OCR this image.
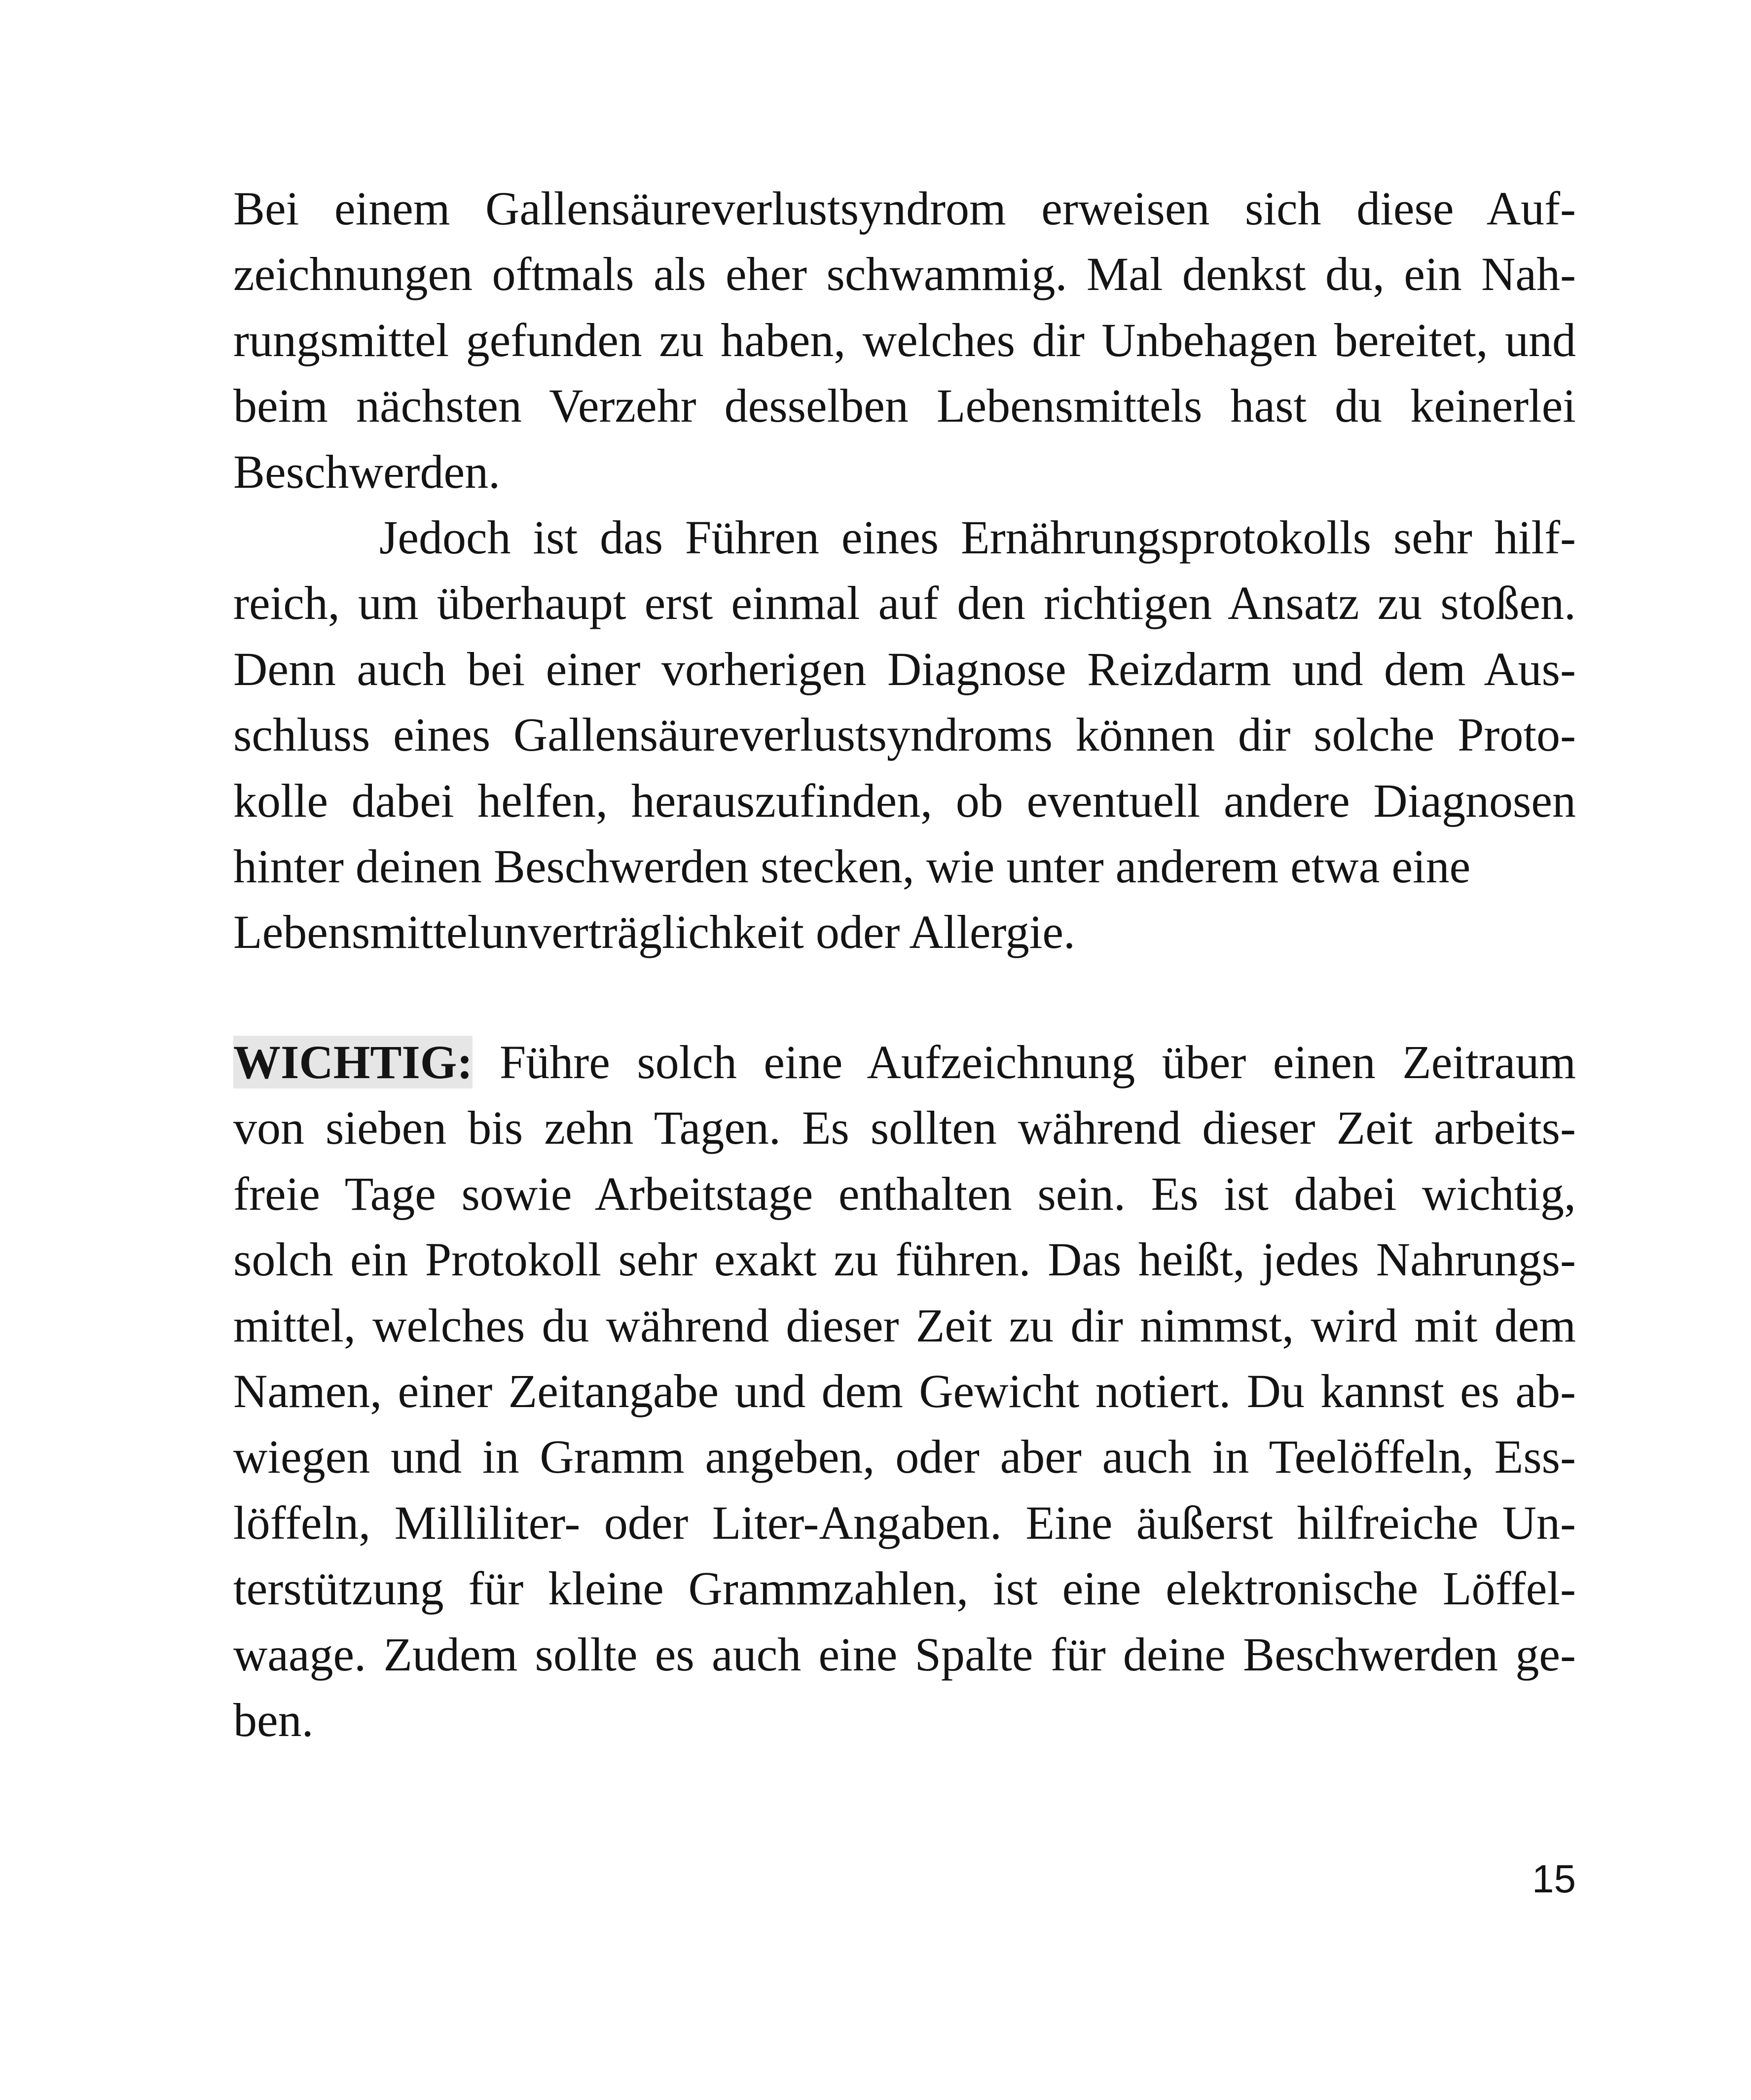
Bei einem Gallensäureverlustsyndrom erweisen sich diese Auf-
zeichnungen oftmals als eher schwammig. Mal denkst du, ein Nah-
rungsmittel gefunden zu haben, welches dir Unbehagen bereitet, und
beim nächsten Verzehr desselben Lebensmittels hast du keinerlei
Beschwerden.
Jedoch ist das Führen eines Ernährungsprotokolls sehr hilf-
reich, um überhaupt erst einmal auf den richtigen Ansatz zu stoßen.
Denn auch bei einer vorherigen Diagnose Reizdarm und dem Aus-
schluss eines Gallensäureverlustsyndroms können dir solche Proto-
kolle dabei helfen, herauszufinden, ob eventuell andere Diagnosen
hinter deinen Beschwerden stecken, wie unter anderem etwa eine
Lebensmittelunverträglichkeit oder Allergie.
WICHTIG: Führe solch eine Aufzeichnung über einen Zeitraum
von sieben bis zehn Tagen. Es sollten während dieser Zeit arbeits-
freie Tage sowie Arbeitstage enthalten sein. Es ist dabei wichtig,
solch ein Protokoll sehr exakt zu führen. Das heißt, jedes Nahrungs-
mittel, welches du während dieser Zeit zu dir nimmst, wird mit dem
Namen, einer Zeitangabe und dem Gewicht notiert. Du kannst es ab-
wiegen und in Gramm angeben, oder aber auch in Teelöffeln, Ess-
löffeln, Milliliter- oder Liter-Angaben. Eine äußerst hilfreiche Un-
terstützung für kleine Grammzahlen, ist eine elektronische Löffel-
waage. Zudem sollte es auch eine Spalte für deine Beschwerden ge-
ben.
15
